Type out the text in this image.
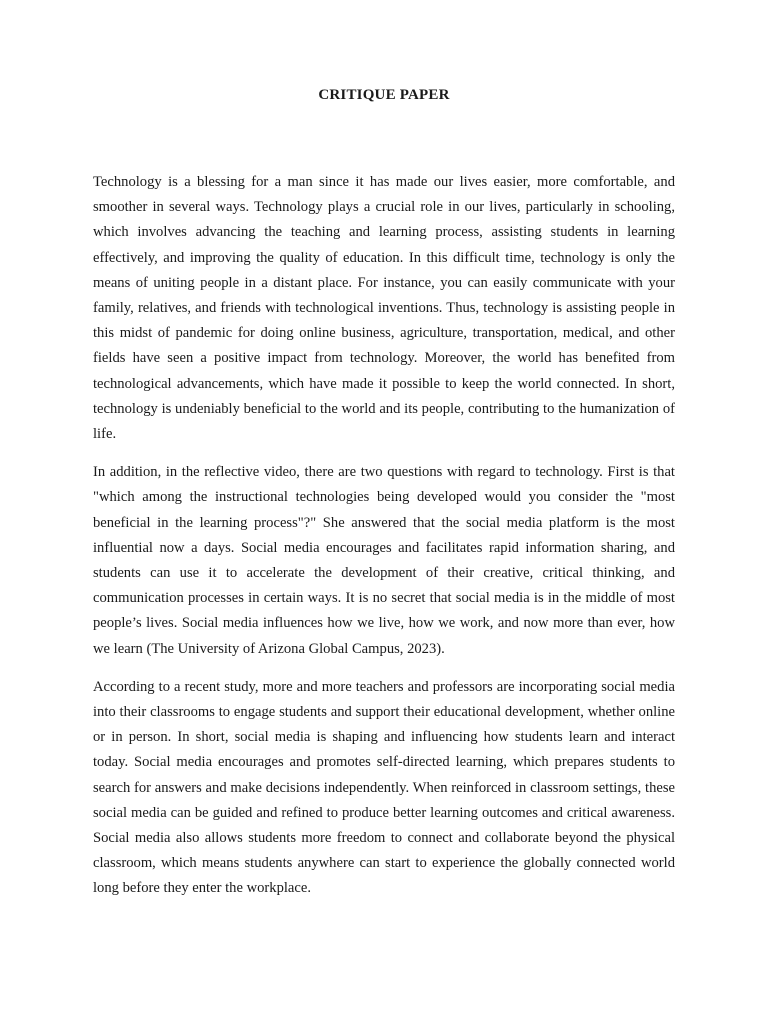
CRITIQUE PAPER

Technology is a blessing for a man since it has made our lives easier, more comfortable, and smoother in several ways. Technology plays a crucial role in our lives, particularly in schooling, which involves advancing the teaching and learning process, assisting students in learning effectively, and improving the quality of education. In this difficult time, technology is only the means of uniting people in a distant place. For instance, you can easily communicate with your family, relatives, and friends with technological inventions. Thus, technology is assisting people in this midst of pandemic for doing online business, agriculture, transportation, medical, and other fields have seen a positive impact from technology. Moreover, the world has benefited from technological advancements, which have made it possible to keep the world connected. In short, technology is undeniably beneficial to the world and its people, contributing to the humanization of life.

In addition, in the reflective video, there are two questions with regard to technology. First is that "which among the instructional technologies being developed would you consider the "most beneficial in the learning process"?" She answered that the social media platform is the most influential now a days. Social media encourages and facilitates rapid information sharing, and students can use it to accelerate the development of their creative, critical thinking, and communication processes in certain ways. It is no secret that social media is in the middle of most people’s lives. Social media influences how we live, how we work, and now more than ever, how we learn (The University of Arizona Global Campus, 2023).

According to a recent study, more and more teachers and professors are incorporating social media into their classrooms to engage students and support their educational development, whether online or in person. In short, social media is shaping and influencing how students learn and interact today. Social media encourages and promotes self-directed learning, which prepares students to search for answers and make decisions independently. When reinforced in classroom settings, these social media can be guided and refined to produce better learning outcomes and critical awareness. Social media also allows students more freedom to connect and collaborate beyond the physical classroom, which means students anywhere can start to experience the globally connected world long before they enter the workplace.
